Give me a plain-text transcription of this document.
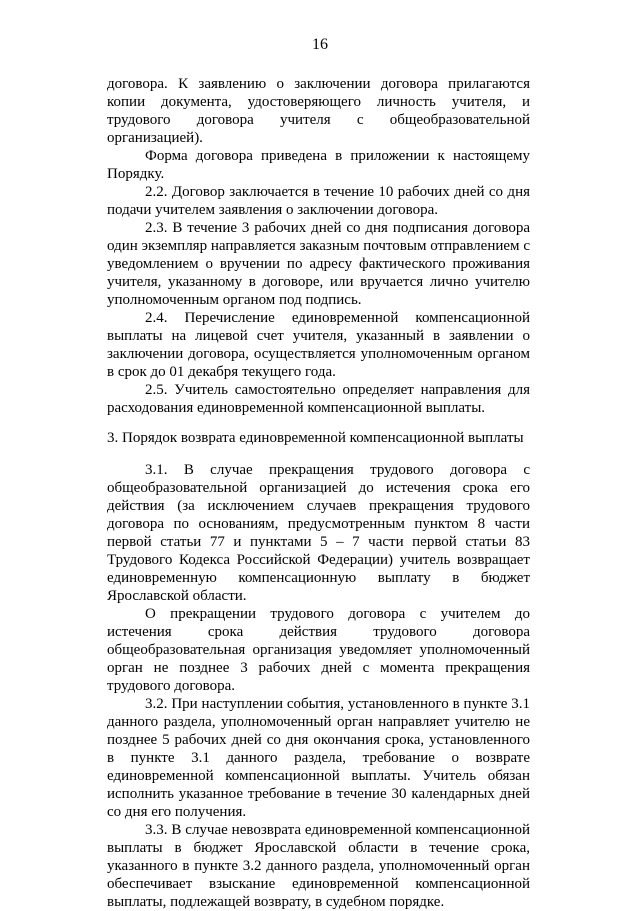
16

договора. К заявлению о заключении договора прилагаются копии документа, удостоверяющего личность учителя, и трудового договора учителя с общеобразовательной организацией).

Форма договора приведена в приложении к настоящему Порядку.

2.2. Договор заключается в течение 10 рабочих дней со дня подачи учителем заявления о заключении договора.

2.3. В течение 3 рабочих дней со дня подписания договора один экземпляр направляется заказным почтовым отправлением с уведомлением о вручении по адресу фактического проживания учителя, указанному в договоре, или вручается лично учителю уполномоченным органом под подпись.

2.4. Перечисление единовременной компенсационной выплаты на лицевой счет учителя, указанный в заявлении о заключении договора, осуществляется уполномоченным органом в срок до 01 декабря текущего года.

2.5. Учитель самостоятельно определяет направления для расходования единовременной компенсационной выплаты.

3. Порядок возврата единовременной компенсационной выплаты

3.1. В случае прекращения трудового договора с общеобразовательной организацией до истечения срока его действия (за исключением случаев прекращения трудового договора по основаниям, предусмотренным пунктом 8 части первой статьи 77 и пунктами 5 – 7 части первой статьи 83 Трудового Кодекса Российской Федерации) учитель возвращает единовременную компенсационную выплату в бюджет Ярославской области.

О прекращении трудового договора с учителем до истечения срока действия трудового договора общеобразовательная организация уведомляет уполномоченный орган не позднее 3 рабочих дней с момента прекращения трудового договора.

3.2. При наступлении события, установленного в пункте 3.1 данного раздела, уполномоченный орган направляет учителю не позднее 5 рабочих дней со дня окончания срока, установленного в пункте 3.1 данного раздела, требование о возврате единовременной компенсационной выплаты. Учитель обязан исполнить указанное требование в течение 30 календарных дней со дня его получения.

3.3. В случае невозврата единовременной компенсационной выплаты в бюджет Ярославской области в течение срока, указанного в пункте 3.2 данного раздела, уполномоченный орган обеспечивает взыскание единовременной компенсационной выплаты, подлежащей возврату, в судебном порядке.
